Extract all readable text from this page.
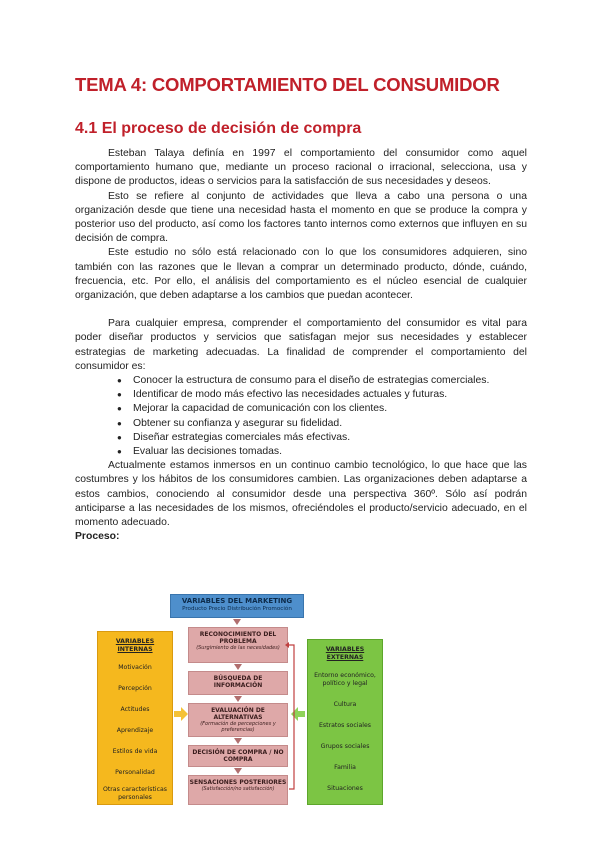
TEMA 4: COMPORTAMIENTO DEL CONSUMIDOR
4.1 El proceso de decisión de compra

Esteban Talaya definía en 1997 el comportamiento del consumidor como aquel comportamiento humano que, mediante un proceso racional o irracional, selecciona, usa y dispone de productos, ideas o servicios para la satisfacción de sus necesidades y deseos.

Esto se refiere al conjunto de actividades que lleva a cabo una persona o una organización desde que tiene una necesidad hasta el momento en que se produce la compra y posterior uso del producto, así como los factores tanto internos como externos que influyen en su decisión de compra.

Este estudio no sólo está relacionado con lo que los consumidores adquieren, sino también con las razones que le llevan a comprar un determinado producto, dónde, cuándo, frecuencia, etc. Por ello, el análisis del comportamiento es el núcleo esencial de cualquier organización, que deben adaptarse a los cambios que puedan acontecer.

Para cualquier empresa, comprender el comportamiento del consumidor es vital para poder diseñar productos y servicios que satisfagan mejor sus necesidades y establecer estrategias de marketing adecuadas. La finalidad de comprender el comportamiento del consumidor es:

● Conocer la estructura de consumo para el diseño de estrategias comerciales.
● Identificar de modo más efectivo las necesidades actuales y futuras.
● Mejorar la capacidad de comunicación con los clientes.
● Obtener su confianza y asegurar su fidelidad.
● Diseñar estrategias comerciales más efectivas.
● Evaluar las decisiones tomadas.

Actualmente estamos inmersos en un continuo cambio tecnológico, lo que hace que las costumbres y los hábitos de los consumidores cambien. Las organizaciones deben adaptarse a estos cambios, conociendo al consumidor desde una perspectiva 360º. Sólo así podrán anticiparse a las necesidades de los mismos, ofreciéndoles el producto/servicio adecuado, en el momento adecuado.

Proceso:

VARIABLES DEL MARKETING
Producto Precio Distribución Promoción
VARIABLES INTERNAS
Motivación
Percepción
Actitudes
Aprendizaje
Estilos de vida
Personalidad
Otras características personales
VARIABLES EXTERNAS
Entorno económico, político y legal
Cultura
Estratos sociales
Grupos sociales
Familia
Situaciones
RECONOCIMIENTO DEL PROBLEMA
(Surgimiento de las necesidades)
BÚSQUEDA DE INFORMACIÓN
EVALUACIÓN DE ALTERNATIVAS
(Formación de percepciones y preferencias)
DECISIÓN DE COMPRA / NO COMPRA
SENSACIONES POSTERIORES
(Satisfacción/no satisfacción)
